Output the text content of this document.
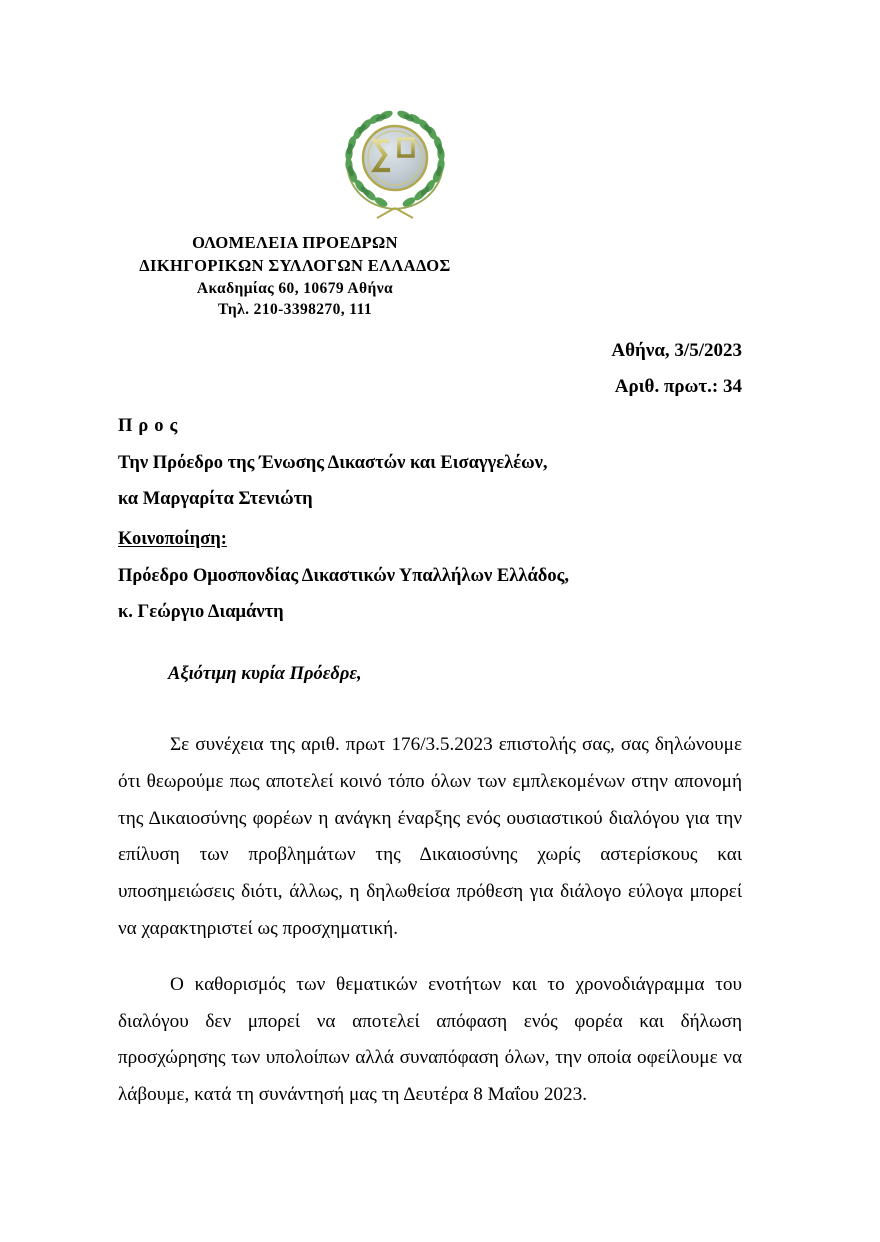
ΟΛΟΜΕΛΕΙΑ ΠΡΟΕΔΡΩΝ
ΔΙΚΗΓΟΡΙΚΩΝ ΣΥΛΛΟΓΩΝ ΕΛΛΑΔΟΣ
Ακαδημίας 60, 10679 Αθήνα
Τηλ. 210-3398270, 111
Αθήνα, 3/5/2023
Αριθ. πρωτ.: 34
Προς
Την Πρόεδρο της Ένωσης Δικαστών και Εισαγγελέων,
κα Μαργαρίτα Στενιώτη
Κοινοποίηση:
Πρόεδρο Ομοσπονδίας Δικαστικών Υπαλλήλων Ελλάδος,
κ. Γεώργιο Διαμάντη
Αξιότιμη κυρία Πρόεδρε,

Σε συνέχεια της αριθ. πρωτ 176/3.5.2023 επιστολής σας, σας δηλώνουμε ότι θεωρούμε πως αποτελεί κοινό τόπο όλων των εμπλεκομένων στην απονομή της Δικαιοσύνης φορέων η ανάγκη έναρξης ενός ουσιαστικού διαλόγου για την επίλυση των προβλημάτων της Δικαιοσύνης χωρίς αστερίσκους και υποσημειώσεις διότι, άλλως, η δηλωθείσα πρόθεση για διάλογο εύλογα μπορεί να χαρακτηριστεί ως προσχηματική.

Ο καθορισμός των θεματικών ενοτήτων και το χρονοδιάγραμμα του διαλόγου δεν μπορεί να αποτελεί απόφαση ενός φορέα και δήλωση προσχώρησης των υπολοίπων αλλά συναπόφαση όλων, την οποία οφείλουμε να λάβουμε, κατά τη συνάντησή μας τη Δευτέρα 8 Μαΐου 2023.
